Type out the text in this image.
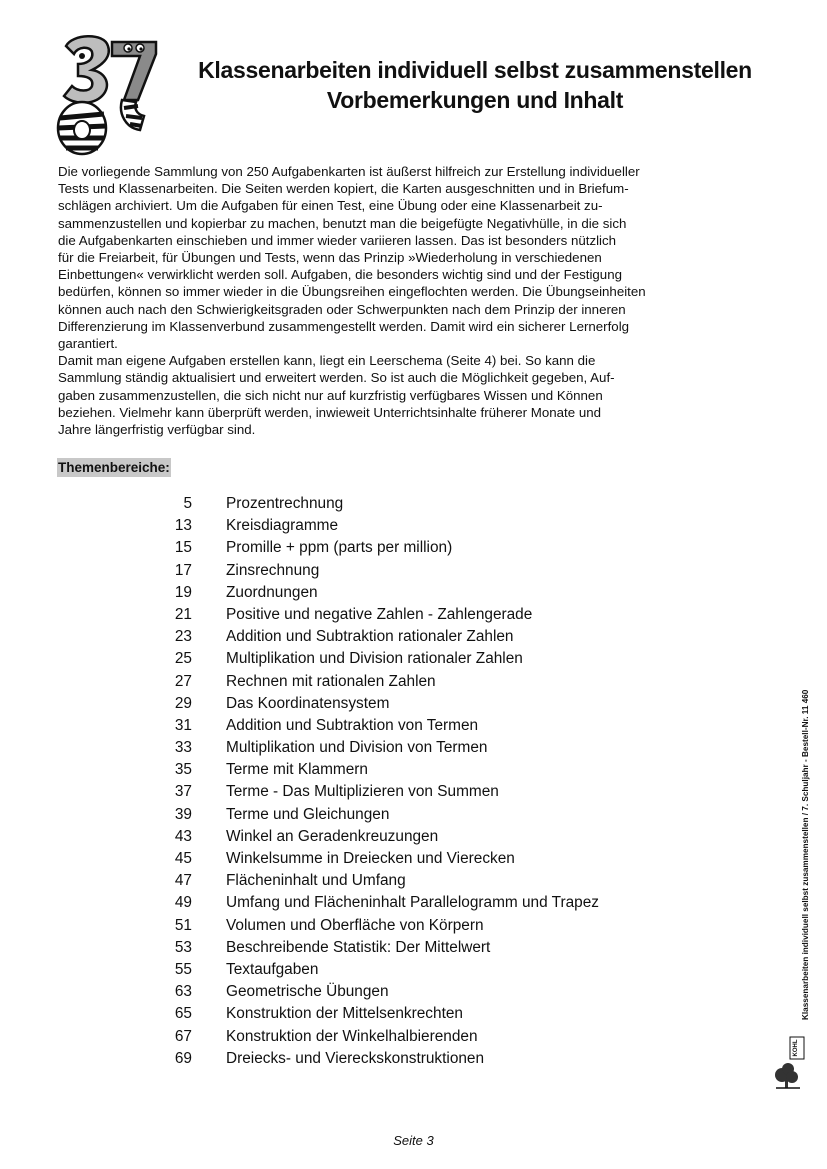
Klassenarbeiten individuell selbst zusammenstellen
Vorbemerkungen und Inhalt
Die vorliegende Sammlung von 250 Aufgabenkarten ist äußerst hilfreich zur Erstellung individueller
Tests und Klassenarbeiten. Die Seiten werden kopiert, die Karten ausgeschnitten und in Briefum-
schlägen archiviert. Um die Aufgaben für einen Test, eine Übung oder eine Klassenarbeit zu-
sammenzustellen und kopierbar zu machen, benutzt man die beigefügte Negativhülle, in die sich
die Aufgabenkarten einschieben und immer wieder variieren lassen. Das ist besonders nützlich
für die Freiarbeit, für Übungen und Tests, wenn das Prinzip »Wiederholung in verschiedenen
Einbettungen« verwirklicht werden soll. Aufgaben, die besonders wichtig sind und der Festigung
bedürfen, können so immer wieder in die Übungsreihen eingeflochten werden. Die Übungseinheiten
können auch nach den Schwierigkeitsgraden oder Schwerpunkten nach dem Prinzip der inneren
Differenzierung im Klassenverbund zusammengestellt werden. Damit wird ein sicherer Lernerfolg
garantiert.
Damit man eigene Aufgaben erstellen kann, liegt ein Leerschema (Seite 4) bei. So kann die
Sammlung ständig aktualisiert und erweitert werden. So ist auch die Möglichkeit gegeben, Auf-
gaben zusammenzustellen, die sich nicht nur auf kurzfristig verfügbares Wissen und Können
beziehen. Vielmehr kann überprüft werden, inwieweit Unterrichtsinhalte früherer Monate und
Jahre längerfristig verfügbar sind.
Themenbereiche:
5 Prozentrechnung
13 Kreisdiagramme
15 Promille + ppm (parts per million)
17 Zinsrechnung
19 Zuordnungen
21 Positive und negative Zahlen - Zahlengerade
23 Addition und Subtraktion rationaler Zahlen
25 Multiplikation und Division rationaler Zahlen
27 Rechnen mit rationalen Zahlen
29 Das Koordinatensystem
31 Addition und Subtraktion von Termen
33 Multiplikation und Division von Termen
35 Terme mit Klammern
37 Terme - Das Multiplizieren von Summen
39 Terme und Gleichungen
43 Winkel an Geradenkreuzungen
45 Winkelsumme in Dreiecken und Vierecken
47 Flächeninhalt und Umfang
49 Umfang und Flächeninhalt Parallelogramm und Trapez
51 Volumen und Oberfläche von Körpern
53 Beschreibende Statistik: Der Mittelwert
55 Textaufgaben
63 Geometrische Übungen
65 Konstruktion der Mittelsenkrechten
67 Konstruktion der Winkelhalbierenden
69 Dreiecks- und Viereckskonstruktionen
Klassenarbeiten individuell selbst zusammenstellen / 7. Schuljahr - Bestell-Nr. 11 460
KOHL
Seite 3
